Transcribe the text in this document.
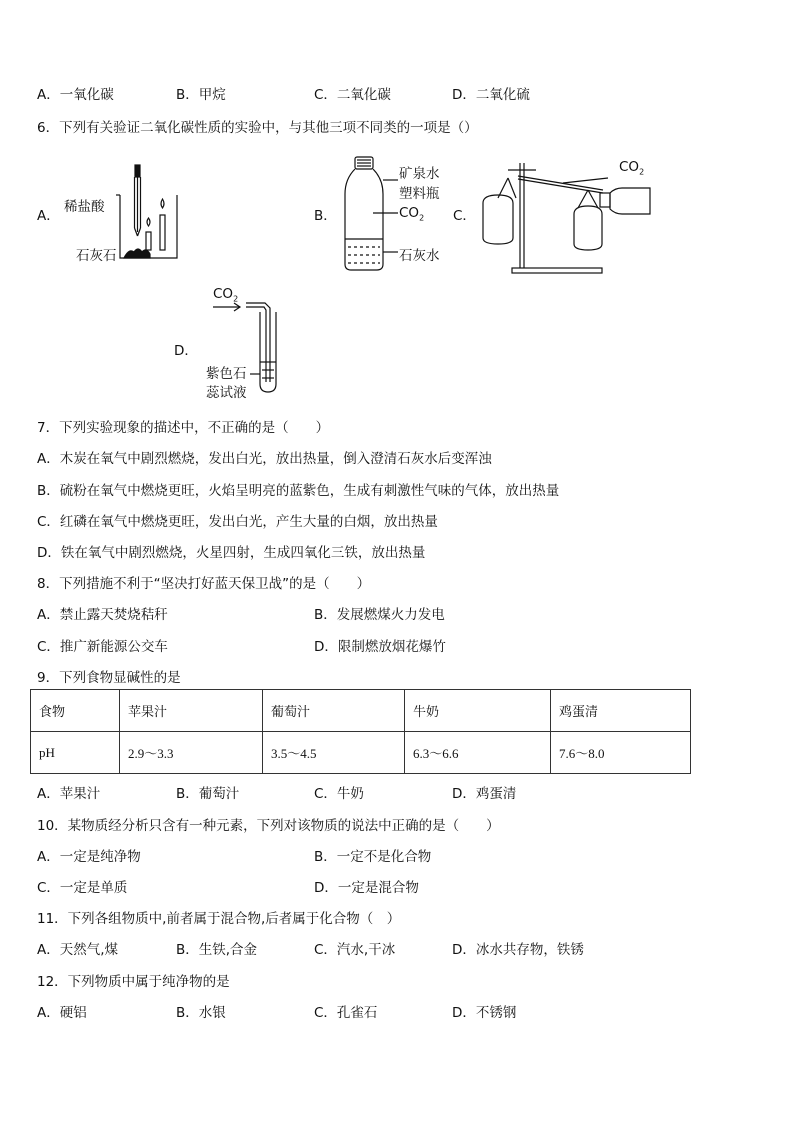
A．一氧化碳	B．甲烷	C．二氧化碳	D．二氧化硫
6．下列有关验证二氧化碳性质的实验中，与其他三项不同类的一项是（）
A．	B．	C．
D．
稀盐酸
石灰石
矿泉水
塑料瓶
$CO_2$
石灰水
$CO_2$
$CO_2$
紫色石
蕊试液
7．下列实验现象的描述中，不正确的是（　　）
A．木炭在氧气中剧烈燃烧，发出白光，放出热量，倒入澄清石灰水后变浑浊
B．硫粉在氧气中燃烧更旺，火焰呈明亮的蓝紫色，生成有刺激性气味的气体，放出热量
C．红磷在氧气中燃烧更旺，发出白光，产生大量的白烟，放出热量
D．铁在氧气中剧烈燃烧，火星四射，生成四氧化三铁，放出热量
8．下列措施不利于“坚决打好蓝天保卫战”的是（　　）
A．禁止露天焚烧秸秆	B．发展燃煤火力发电
C．推广新能源公交车	D．限制燃放烟花爆竹
9．下列食物显碱性的是
食物	苹果汁	葡萄汁	牛奶	鸡蛋清
pH	2.9～3.3	3.5～4.5	6.3～6.6	7.6～8.0
A．苹果汁	B．葡萄汁	C．牛奶	D．鸡蛋清
10．某物质经分析只含有一种元素，下列对该物质的说法中正确的是（　　）
A．一定是纯净物	B．一定不是化合物
C．一定是单质	D．一定是混合物
11．下列各组物质中,前者属于混合物,后者属于化合物（　）
A．天然气,煤	B．生铁,合金	C．汽水,干冰	D．冰水共存物，铁锈
12．下列物质中属于纯净物的是
A．硬铝	B．水银	C．孔雀石	D．不锈钢
